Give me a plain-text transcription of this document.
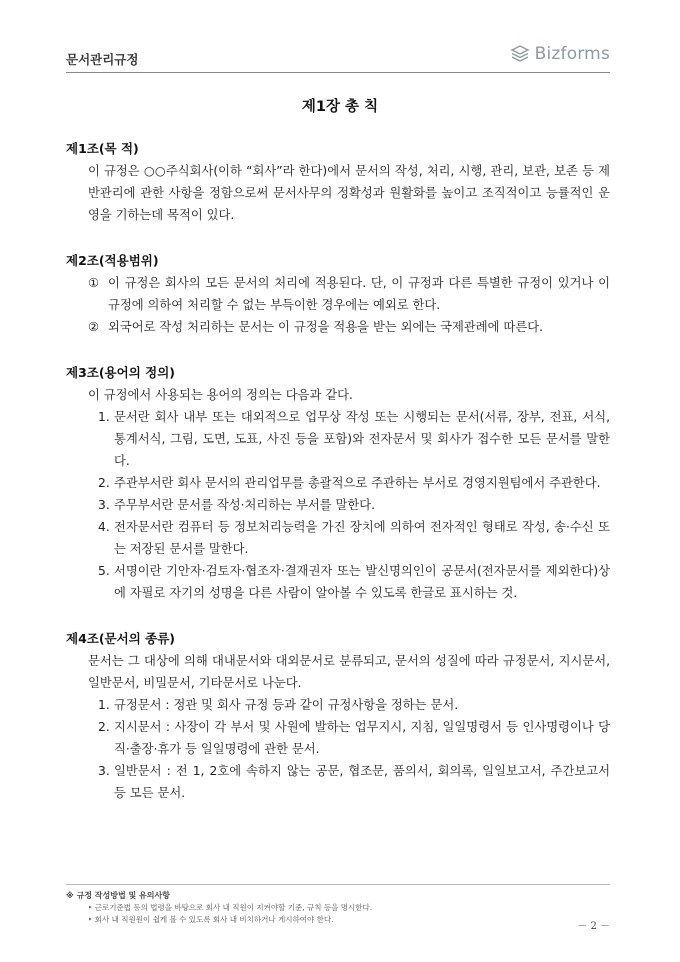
문서관리규정	Bizforms
제1장 총 칙

제1조(목 적)

이 규정은 ○○주식회사(이하 “회사”라 한다)에서 문서의 작성, 처리, 시행, 관리, 보관, 보존 등 제반관리에 관한 사항을 정함으로써 문서사무의 정확성과 원활화를 높이고 조직적이고 능률적인 운영을 기하는데 목적이 있다.

제2조(적용범위)

① 이 규정은 회사의 모든 문서의 처리에 적용된다. 단, 이 규정과 다른 특별한 규정이 있거나 이 규정에 의하여 처리할 수 없는 부득이한 경우에는 예외로 한다.
② 외국어로 작성 처리하는 문서는 이 규정을 적용을 받는 외에는 국제관례에 따른다.

제3조(용어의 정의)

이 규정에서 사용되는 용어의 정의는 다음과 같다.

1. 문서란 회사 내부 또는 대외적으로 업무상 작성 또는 시행되는 문서(서류, 장부, 전표, 서식, 통계서식, 그림, 도면, 도표, 사진 등을 포함)와 전자문서 및 회사가 접수한 모든 문서를 말한다.
2. 주관부서란 회사 문서의 관리업무를 총괄적으로 주관하는 부서로 경영지원팀에서 주관한다.
3. 주무부서란 문서를 작성·처리하는 부서를 말한다.
4. 전자문서란 컴퓨터 등 정보처리능력을 가진 장치에 의하여 전자적인 형태로 작성, 송·수신 또는 저장된 문서를 말한다.
5. 서명이란 기안자·검토자·협조자·결재권자 또는 발신명의인이 공문서(전자문서를 제외한다)상에 자필로 자기의 성명을 다른 사람이 알아볼 수 있도록 한글로 표시하는 것.

제4조(문서의 종류)

문서는 그 대상에 의해 대내문서와 대외문서로 분류되고, 문서의 성질에 따라 규정문서, 지시문서, 일반문서, 비밀문서, 기타문서로 나눈다.

1. 규정문서 : 정관 및 회사 규정 등과 같이 규정사항을 정하는 문서.
2. 지시문서 : 사장이 각 부서 및 사원에 발하는 업무지시, 지침, 일일명령서 등 인사명령이나 당직·출장·휴가 등 일일명령에 관한 문서.
3. 일반문서 : 전 1, 2호에 속하지 않는 공문, 협조문, 품의서, 회의록, 일일보고서, 주간보고서 등 모든 문서.
※ 규정 작성방법 및 유의사항
‣ 근로기준법 등의 법령을 바탕으로 회사 내 직원이 지켜야할 기준, 규칙 등을 명시한다.
‣ 회사 내 직원원이 쉽게 볼 수 있도록 회사 내 비치하거나 게시하여야 한다.
－ 2 －
